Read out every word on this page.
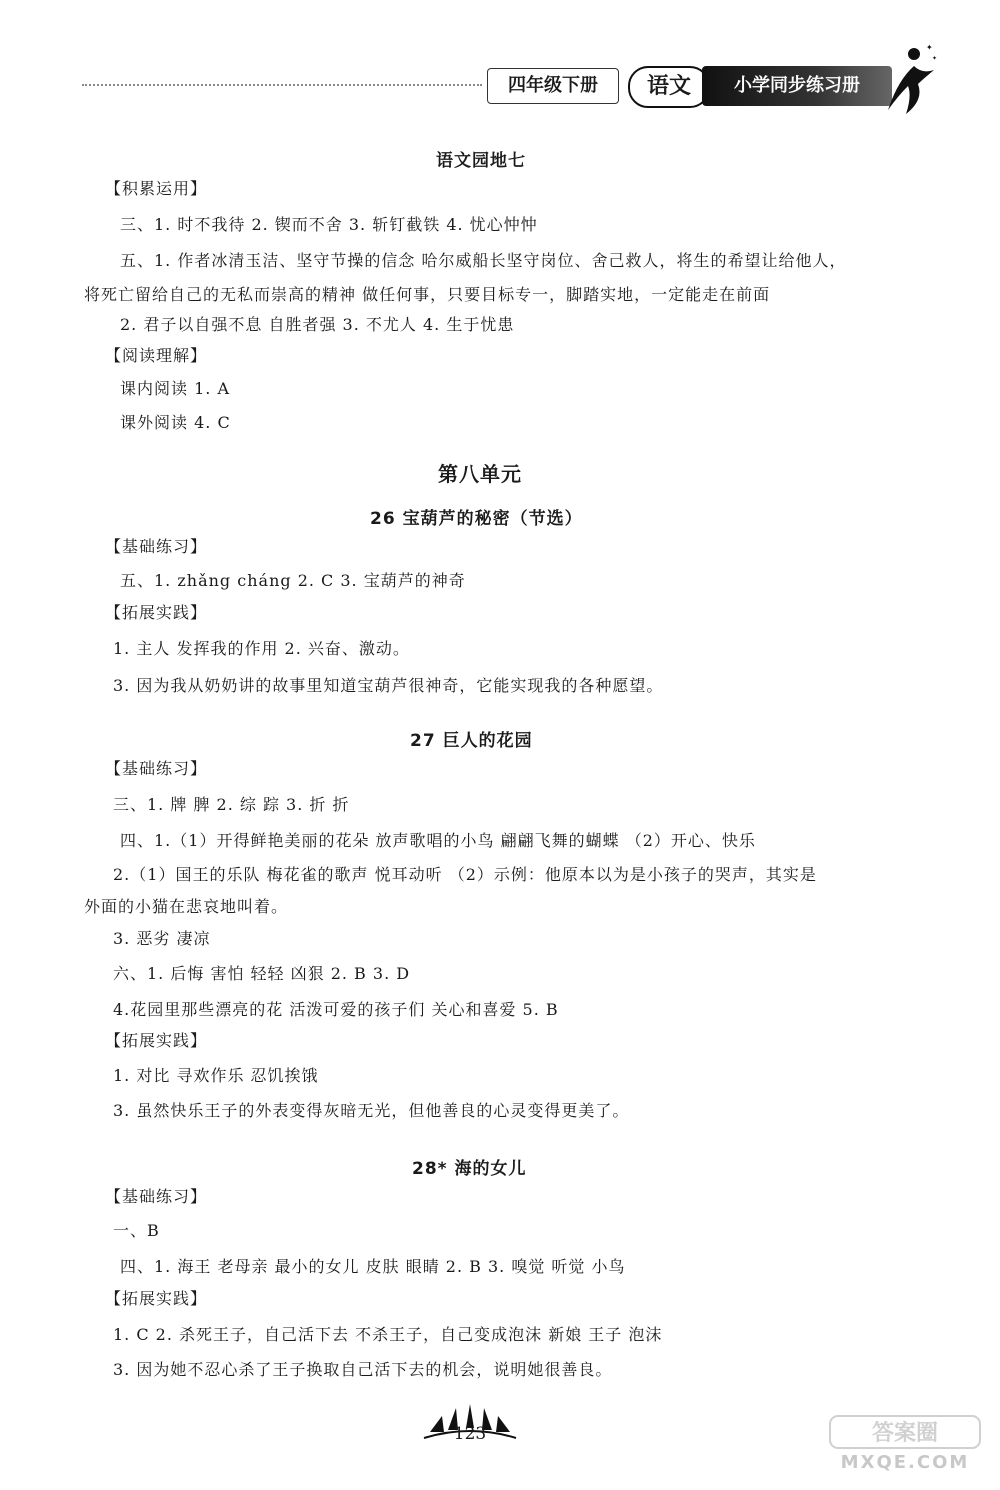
四年级下册	语文	小学同步练习册
✦
✦
语文园地七
【积累运用】
三、1. 时不我待 2. 锲而不舍 3. 斩钉截铁 4. 忧心忡忡
五、1. 作者冰清玉洁、坚守节操的信念 哈尔威船长坚守岗位、舍己救人，将生的希望让给他人，
将死亡留给自己的无私而崇高的精神 做任何事，只要目标专一，脚踏实地，一定能走在前面
2. 君子以自强不息 自胜者强 3. 不尤人 4. 生于忧患
【阅读理解】
课内阅读 1. A
课外阅读 4. C
第八单元
26 宝葫芦的秘密（节选）
【基础练习】
五、1. zhǎng cháng 2. C 3. 宝葫芦的神奇
【拓展实践】
1. 主人 发挥我的作用 2. 兴奋、激动。
3. 因为我从奶奶讲的故事里知道宝葫芦很神奇，它能实现我的各种愿望。
27 巨人的花园
【基础练习】
三、1. 牌 脾 2. 综 踪 3. 折 折
四、1.（1）开得鲜艳美丽的花朵 放声歌唱的小鸟 翩翩飞舞的蝴蝶 （2）开心、快乐
2.（1）国王的乐队 梅花雀的歌声 悦耳动听 （2）示例：他原本以为是小孩子的哭声，其实是
外面的小猫在悲哀地叫着。
3. 恶劣 凄凉
六、1. 后悔 害怕 轻轻 凶狠 2. B 3. D
4.花园里那些漂亮的花 活泼可爱的孩子们 关心和喜爱 5. B
【拓展实践】
1. 对比 寻欢作乐 忍饥挨饿
3. 虽然快乐王子的外表变得灰暗无光，但他善良的心灵变得更美了。
28* 海的女儿
【基础练习】
一、B
四、1. 海王 老母亲 最小的女儿 皮肤 眼睛 2. B 3. 嗅觉 听觉 小鸟
【拓展实践】
1. C 2. 杀死王子，自己活下去 不杀王子，自己变成泡沫 新娘 王子 泡沫
3. 因为她不忍心杀了王子换取自己活下去的机会，说明她很善良。
123	答案圈
MXQE.COM
